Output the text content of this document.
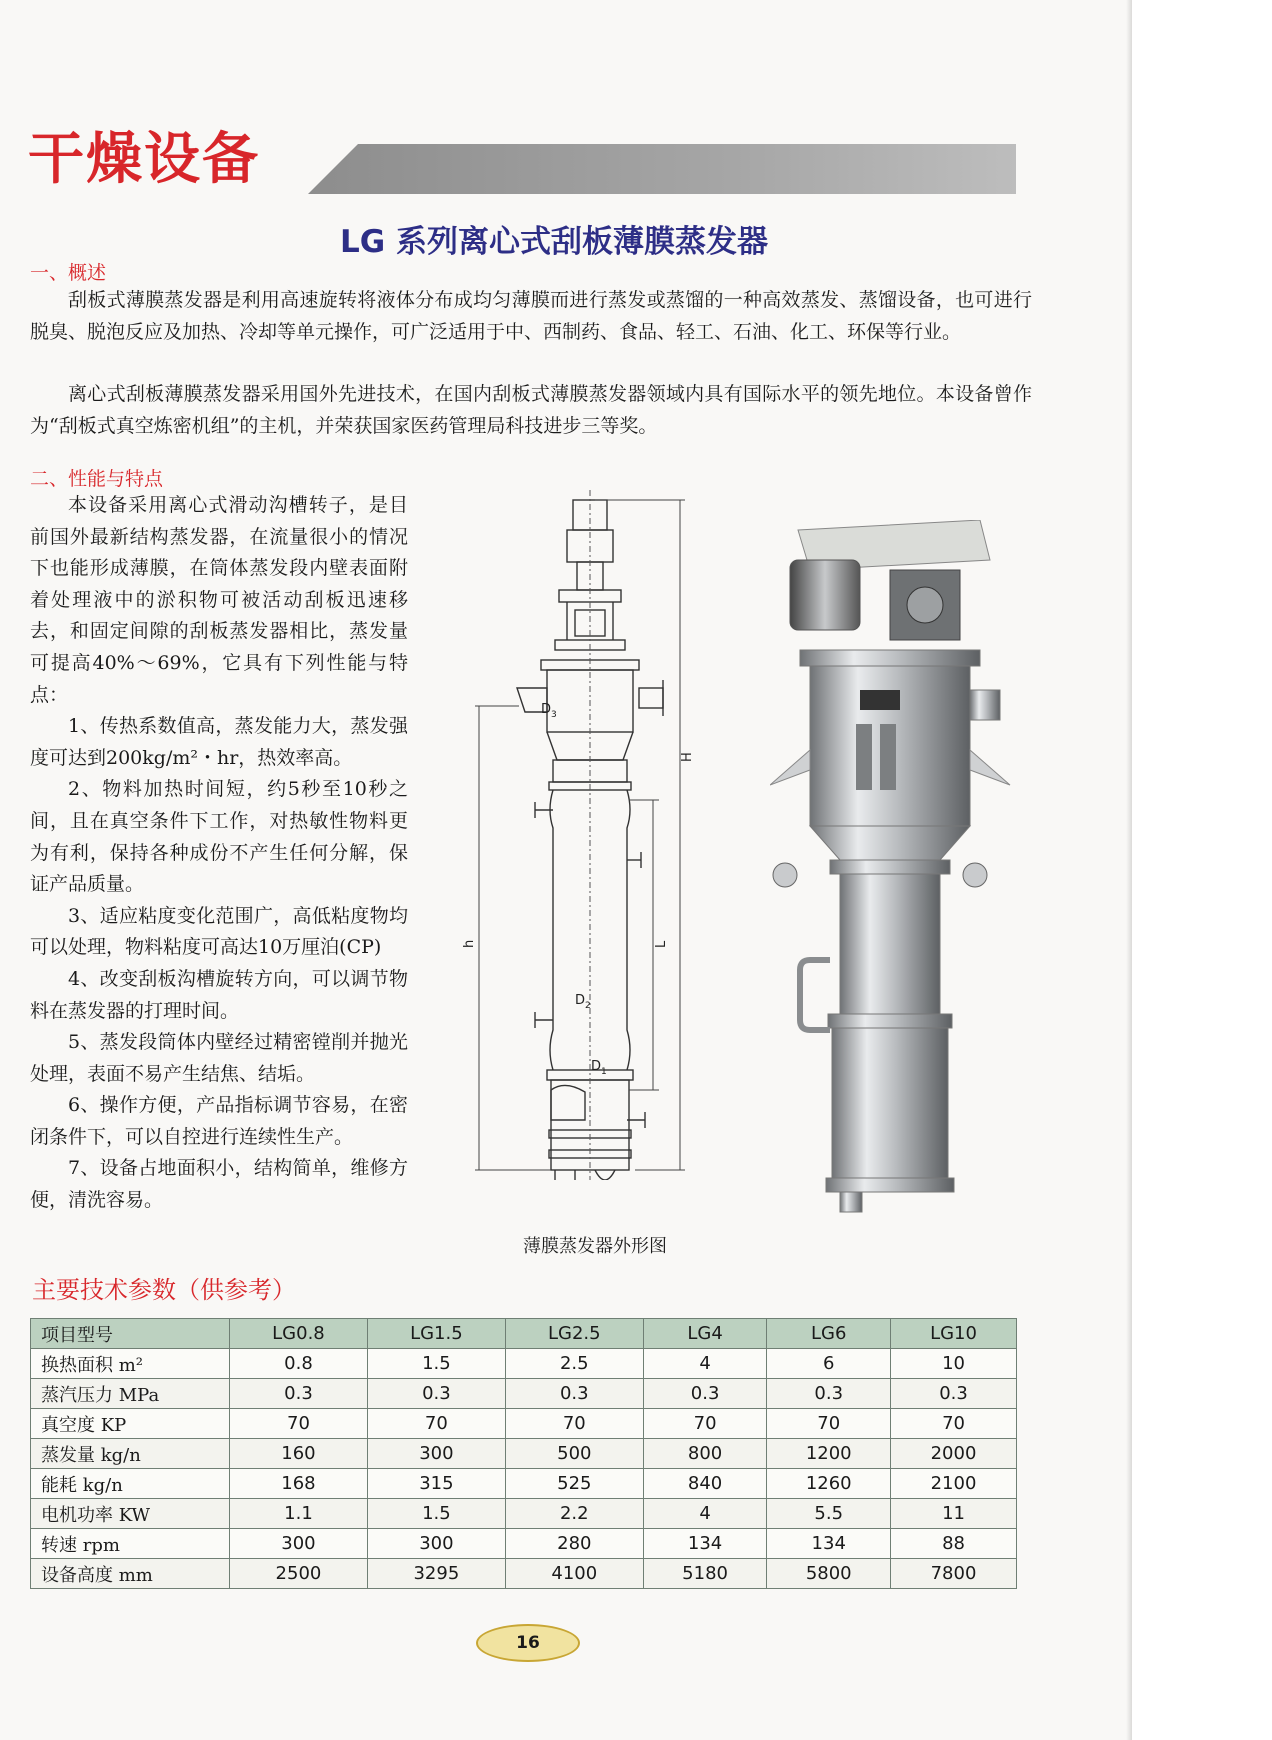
干燥设备
LG 系列离心式刮板薄膜蒸发器
一、概述

刮板式薄膜蒸发器是利用高速旋转将液体分布成均匀薄膜而进行蒸发或蒸馏的一种高效蒸发、蒸馏设备，也可进行脱臭、脱泡反应及加热、冷却等单元操作，可广泛适用于中、西制药、食品、轻工、石油、化工、环保等行业。

离心式刮板薄膜蒸发器采用国外先进技术，在国内刮板式薄膜蒸发器领域内具有国际水平的领先地位。本设备曾作为“刮板式真空炼密机组”的主机，并荣获国家医药管理局科技进步三等奖。

二、性能与特点

本设备采用离心式滑动沟槽转子，是目前国外最新结构蒸发器，在流量很小的情况下也能形成薄膜，在筒体蒸发段内壁表面附着处理液中的淤积物可被活动刮板迅速移去，和固定间隙的刮板蒸发器相比，蒸发量可提高40%～69%，它具有下列性能与特点：

1、传热系数值高，蒸发能力大，蒸发强度可达到200kg/m²・hr，热效率高。

2、物料加热时间短，约5秒至10秒之间，且在真空条件下工作，对热敏性物料更为有利，保持各种成份不产生任何分解，保证产品质量。

3、适应粘度变化范围广，高低粘度物均可以处理，物料粘度可高达10万厘泊(CP)

4、改变刮板沟槽旋转方向，可以调节物料在蒸发器的打理时间。

5、蒸发段筒体内壁经过精密镗削并抛光处理，表面不易产生结焦、结垢。

6、操作方便，产品指标调节容易，在密闭条件下，可以自控进行连续性生产。

7、设备占地面积小，结构简单，维修方便，清洗容易。

$D_3$
$D_2$
$D_1$
H
h	L
薄膜蒸发器外形图
主要技术参数（供参考）
项目型号	LG0.8	LG1.5	LG2.5	LG4	LG6	LG10
换热面积 m²	0.8	1.5	2.5	4	6	10
蒸汽压力 MPa	0.3	0.3	0.3	0.3	0.3	0.3
真空度 KP	70	70	70	70	70	70
蒸发量 kg/n	160	300	500	800	1200	2000
能耗 kg/n	168	315	525	840	1260	2100
电机功率 KW	1.1	1.5	2.2	4	5.5	11
转速 rpm	300	300	280	134	134	88
设备高度 mm	2500	3295	4100	5180	5800	7800
16
